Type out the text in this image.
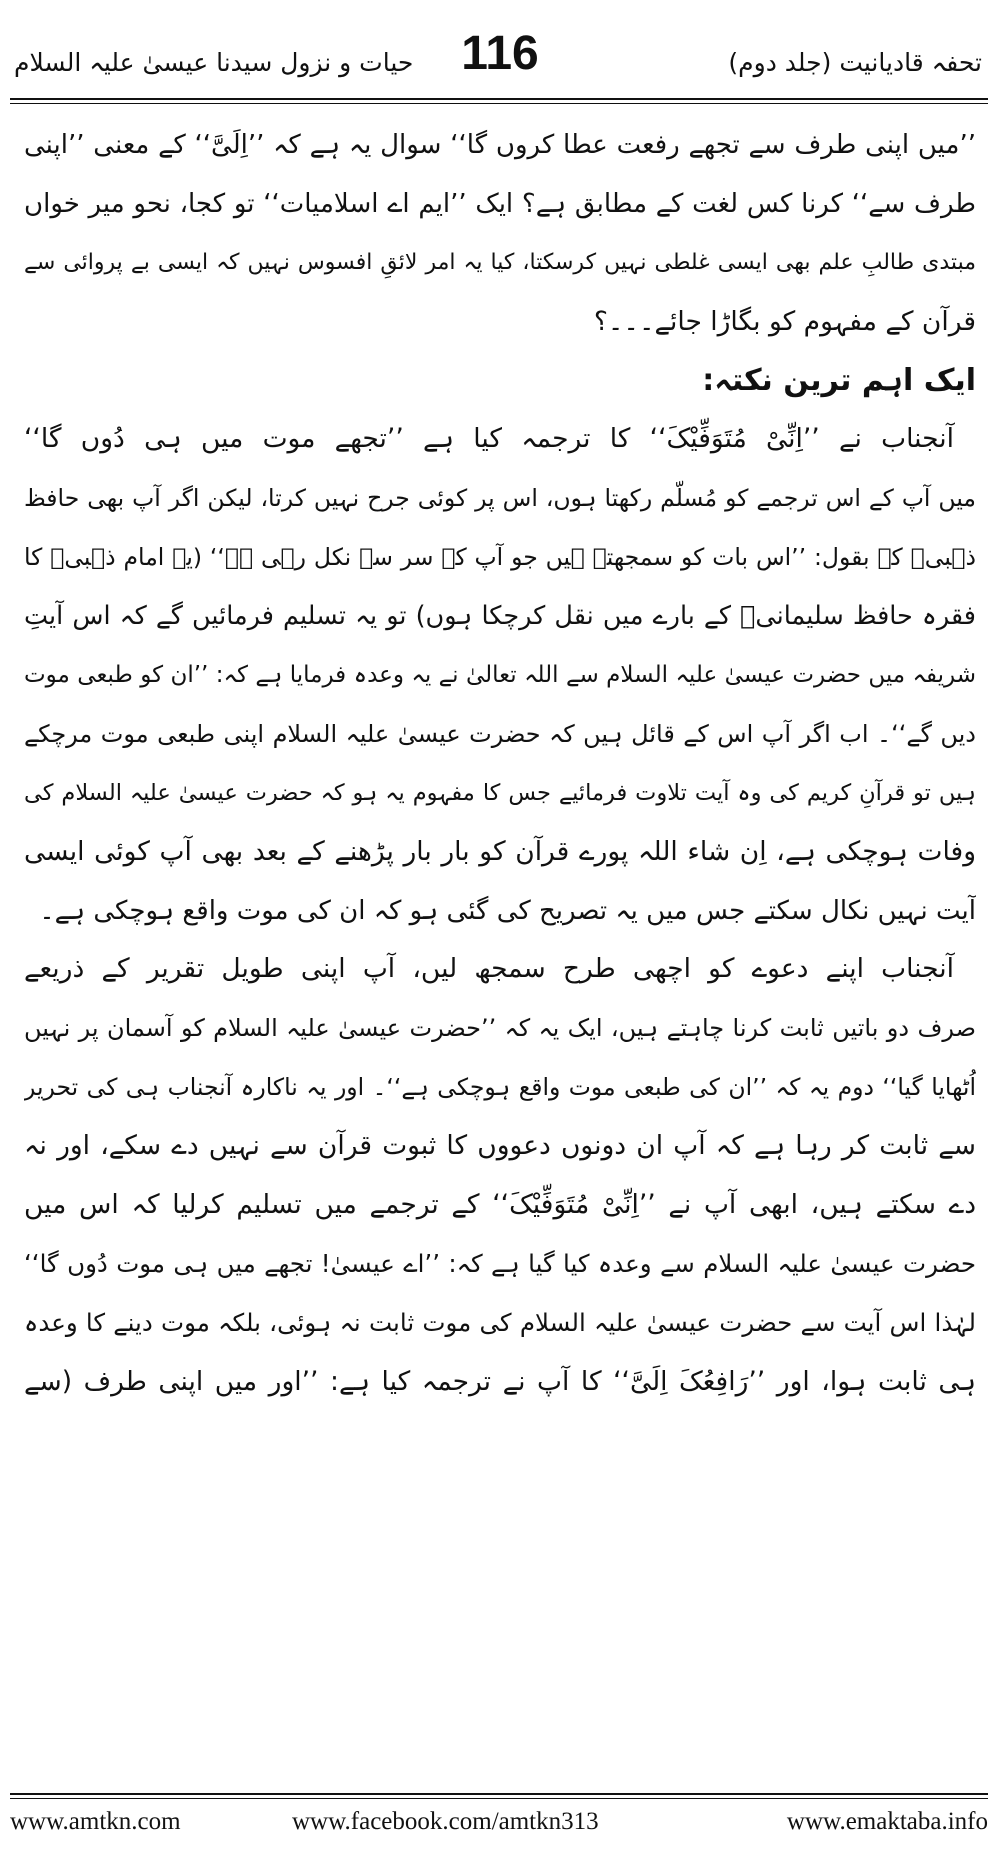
تحفہ قادیانیت (جلد دوم)
116
حیات و نزول سیدنا عیسیٰ علیہ السلام
’’میں اپنی طرف سے تجھے رفعت عطا کروں گا‘‘ سوال یہ ہے کہ ’’اِلَیَّ‘‘ کے معنی ’’اپنی
طرف سے‘‘ کرنا کس لغت کے مطابق ہے؟ ایک ’’ایم اے اسلامیات‘‘ تو کجا، نحو میر خواں
مبتدی طالبِ علم بھی ایسی غلطی نہیں کرسکتا، کیا یہ امر لائقِ افسوس نہیں کہ ایسی بے پروائی سے
قرآن کے مفہوم کو بگاڑا جائے۔۔۔؟
ایک اہم ترین نکتہ:
آنجناب نے ’’اِنِّیْ مُتَوَفِّیْکَ‘‘ کا ترجمہ کیا ہے ’’تجھے موت میں ہی دُوں گا‘‘
میں آپ کے اس ترجمے کو مُسلّم رکھتا ہوں، اس پر کوئی جرح نہیں کرتا، لیکن اگر آپ بھی حافظ
ذہبیؒ کے بقول: ’’اس بات کو سمجھتے ہیں جو آپ کے سر سے نکل رہی ہے‘‘ (یہ امام ذہبیؒ کا
فقرہ حافظ سلیمانیؒ کے بارے میں نقل کرچکا ہوں) تو یہ تسلیم فرمائیں گے کہ اس آیتِ
شریفہ میں حضرت عیسیٰ علیہ السلام سے اللہ تعالیٰ نے یہ وعدہ فرمایا ہے کہ: ’’ان کو طبعی موت
دیں گے‘‘۔ اب اگر آپ اس کے قائل ہیں کہ حضرت عیسیٰ علیہ السلام اپنی طبعی موت مرچکے
ہیں تو قرآنِ کریم کی وہ آیت تلاوت فرمائیے جس کا مفہوم یہ ہو کہ حضرت عیسیٰ علیہ السلام کی
وفات ہوچکی ہے، اِن شاء اللہ پورے قرآن کو بار بار پڑھنے کے بعد بھی آپ کوئی ایسی
آیت نہیں نکال سکتے جس میں یہ تصریح کی گئی ہو کہ ان کی موت واقع ہوچکی ہے۔
آنجناب اپنے دعوے کو اچھی طرح سمجھ لیں، آپ اپنی طویل تقریر کے ذریعے
صرف دو باتیں ثابت کرنا چاہتے ہیں، ایک یہ کہ ’’حضرت عیسیٰ علیہ السلام کو آسمان پر نہیں
اُٹھایا گیا‘‘ دوم یہ کہ ’’ان کی طبعی موت واقع ہوچکی ہے‘‘۔ اور یہ ناکارہ آنجناب ہی کی تحریر
سے ثابت کر رہا ہے کہ آپ ان دونوں دعووں کا ثبوت قرآن سے نہیں دے سکے، اور نہ
دے سکتے ہیں، ابھی آپ نے ’’اِنِّیْ مُتَوَفِّیْکَ‘‘ کے ترجمے میں تسلیم کرلیا کہ اس میں
حضرت عیسیٰ علیہ السلام سے وعدہ کیا گیا ہے کہ: ’’اے عیسیٰ! تجھے میں ہی موت دُوں گا‘‘
لہٰذا اس آیت سے حضرت عیسیٰ علیہ السلام کی موت ثابت نہ ہوئی، بلکہ موت دینے کا وعدہ
ہی ثابت ہوا، اور ’’رَافِعُکَ اِلَیَّ‘‘ کا آپ نے ترجمہ کیا ہے: ’’اور میں اپنی طرف (سے
www.amtkn.com	www.facebook.com/amtkn313	www.emaktaba.info
